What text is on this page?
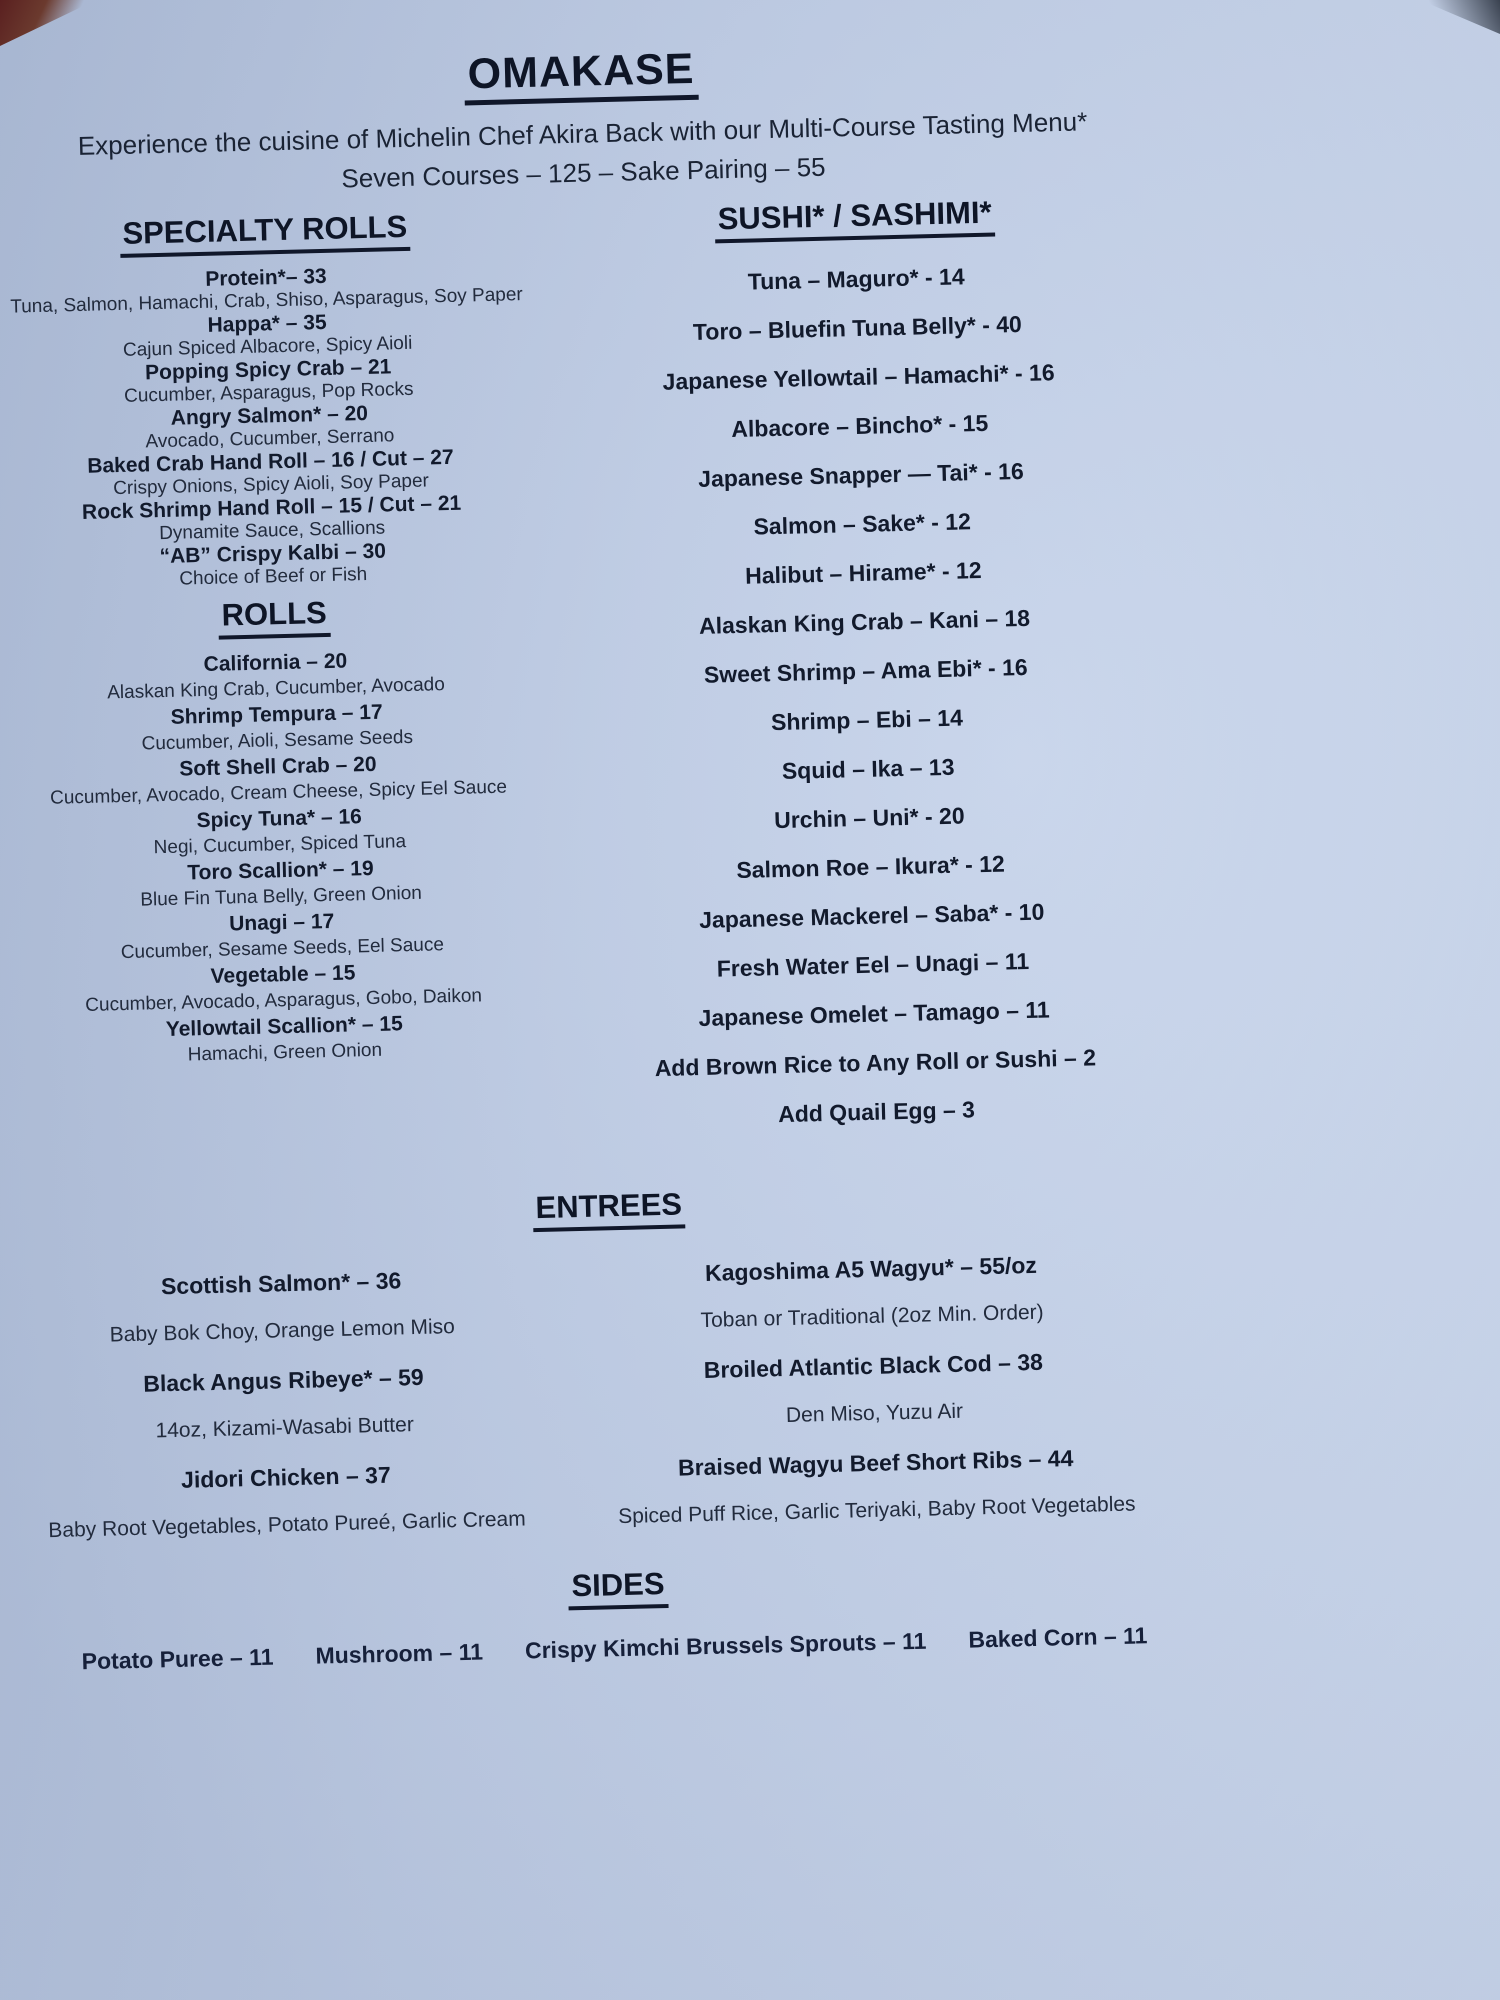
OMAKASE
Experience the cuisine of Michelin Chef Akira Back with our Multi-Course Tasting Menu*
Seven Courses – 125 – Sake Pairing – 55
SPECIALTY ROLLS
Protein*– 33
Tuna, Salmon, Hamachi, Crab, Shiso, Asparagus, Soy Paper
Happa* – 35
Cajun Spiced Albacore, Spicy Aioli
Popping Spicy Crab – 21
Cucumber, Asparagus, Pop Rocks
Angry Salmon* – 20
Avocado, Cucumber, Serrano
Baked Crab Hand Roll – 16 / Cut – 27
Crispy Onions, Spicy Aioli, Soy Paper
Rock Shrimp Hand Roll – 15 / Cut – 21
Dynamite Sauce, Scallions
“AB” Crispy Kalbi – 30
Choice of Beef or Fish
ROLLS
California – 20
Alaskan King Crab, Cucumber, Avocado
Shrimp Tempura – 17
Cucumber, Aioli, Sesame Seeds
Soft Shell Crab – 20
Cucumber, Avocado, Cream Cheese, Spicy Eel Sauce
Spicy Tuna* – 16
Negi, Cucumber, Spiced Tuna
Toro Scallion* – 19
Blue Fin Tuna Belly, Green Onion
Unagi – 17
Cucumber, Sesame Seeds, Eel Sauce
Vegetable – 15
Cucumber, Avocado, Asparagus, Gobo, Daikon
Yellowtail Scallion* – 15
Hamachi, Green Onion
SUSHI* / SASHIMI*
Tuna – Maguro* - 14
Toro – Bluefin Tuna Belly* - 40
Japanese Yellowtail – Hamachi* - 16
Albacore – Bincho* - 15
Japanese Snapper — Tai* - 16
Salmon – Sake* - 12
Halibut – Hirame* - 12
Alaskan King Crab – Kani – 18
Sweet Shrimp – Ama Ebi* - 16
Shrimp – Ebi – 14
Squid – Ika – 13
Urchin – Uni* - 20
Salmon Roe – Ikura* - 12
Japanese Mackerel – Saba* - 10
Fresh Water Eel – Unagi – 11
Japanese Omelet – Tamago – 11
Add Brown Rice to Any Roll or Sushi – 2
Add Quail Egg – 3
ENTREES
Scottish Salmon* – 36
Baby Bok Choy, Orange Lemon Miso
Black Angus Ribeye* – 59
14oz, Kizami-Wasabi Butter
Jidori Chicken – 37
Baby Root Vegetables, Potato Pureé, Garlic Cream
Kagoshima A5 Wagyu* – 55/oz
Toban or Traditional (2oz Min. Order)
Broiled Atlantic Black Cod – 38
Den Miso, Yuzu Air
Braised Wagyu Beef Short Ribs – 44
Spiced Puff Rice, Garlic Teriyaki, Baby Root Vegetables
SIDES
Potato Puree – 11 Mushroom – 11 Crispy Kimchi Brussels Sprouts – 11 Baked Corn – 11
